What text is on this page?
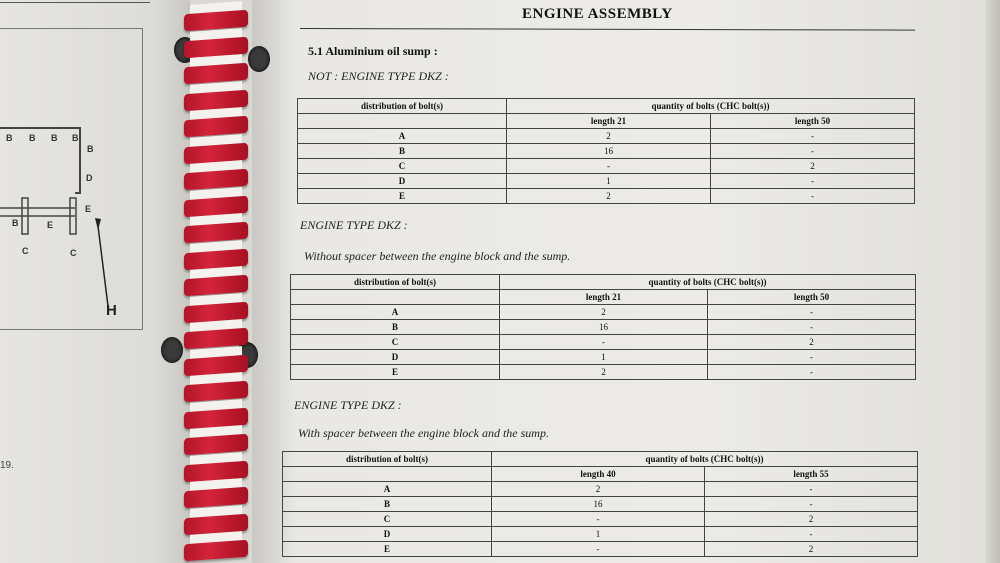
B B B B
B
D
E
B	E
C	C
H
19.
ENGINE ASSEMBLY
5.1 Aluminium oil sump :
NOT : ENGINE TYPE DKZ :
distribution of bolt(s)	quantity of bolts (CHC bolt(s))	
	length 21	length 50
A	2	-
B	16	-
C	-	2
D	1	-
E	2	-
ENGINE TYPE DKZ :
Without spacer between the engine block and the sump.
distribution of bolt(s)	quantity of bolts (CHC bolt(s))	
	length 21	length 50
A	2	-
B	16	-
C	-	2
D	1	-
E	2	-
ENGINE TYPE DKZ :
With spacer between the engine block and the sump.
distribution of bolt(s)	quantity of bolts (CHC bolt(s))	
	length 40	length 55
A	2	-
B	16	-
C	-	2
D	1	-
E	-	2
